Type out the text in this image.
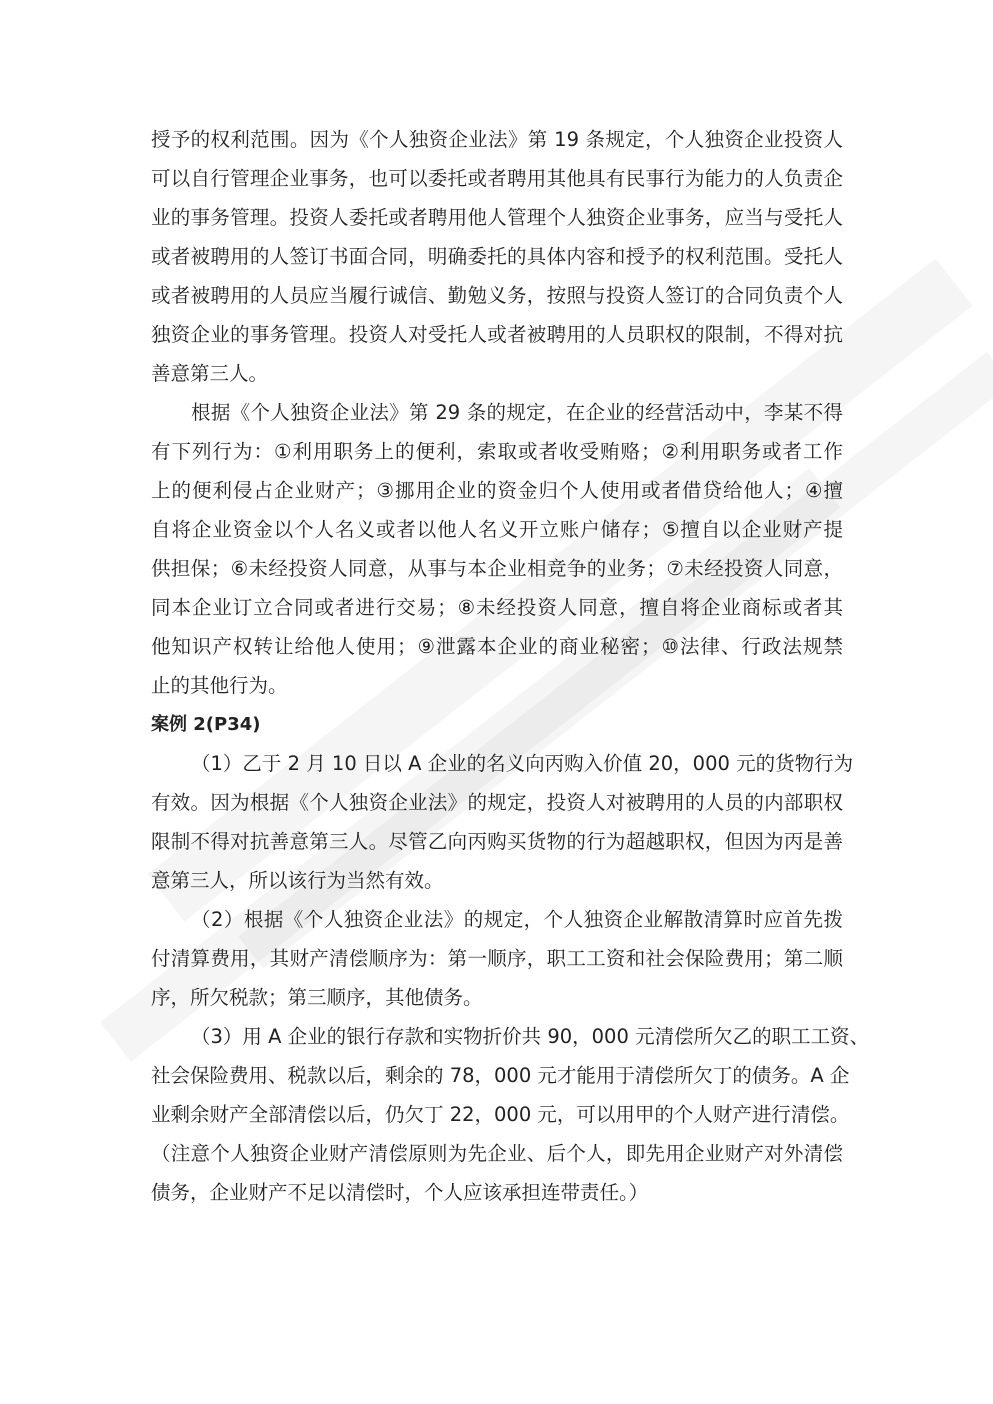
授予的权利范围。因为《个人独资企业法》第 19 条规定，个人独资企业投资人
可以自行管理企业事务，也可以委托或者聘用其他具有民事行为能力的人负责企
业的事务管理。投资人委托或者聘用他人管理个人独资企业事务，应当与受托人
或者被聘用的人签订书面合同，明确委托的具体内容和授予的权利范围。受托人
或者被聘用的人员应当履行诚信、勤勉义务，按照与投资人签订的合同负责个人
独资企业的事务管理。投资人对受托人或者被聘用的人员职权的限制，不得对抗
善意第三人。
根据《个人独资企业法》第 29 条的规定，在企业的经营活动中，李某不得
有下列行为：①利用职务上的便利，索取或者收受贿赂；②利用职务或者工作
上的便利侵占企业财产；③挪用企业的资金归个人使用或者借贷给他人；④擅
自将企业资金以个人名义或者以他人名义开立账户储存；⑤擅自以企业财产提
供担保；⑥未经投资人同意，从事与本企业相竞争的业务；⑦未经投资人同意，
同本企业订立合同或者进行交易；⑧未经投资人同意，擅自将企业商标或者其
他知识产权转让给他人使用；⑨泄露本企业的商业秘密；⑩法律、行政法规禁
止的其他行为。
案例 2(P34)
（1）乙于 2 月 10 日以 A 企业的名义向丙购入价值 20，000 元的货物行为
有效。因为根据《个人独资企业法》的规定，投资人对被聘用的人员的内部职权
限制不得对抗善意第三人。尽管乙向丙购买货物的行为超越职权，但因为丙是善
意第三人，所以该行为当然有效。
（2）根据《个人独资企业法》的规定，个人独资企业解散清算时应首先拨
付清算费用，其财产清偿顺序为：第一顺序，职工工资和社会保险费用；第二顺
序，所欠税款；第三顺序，其他债务。
（3）用 A 企业的银行存款和实物折价共 90，000 元清偿所欠乙的职工工资、
社会保险费用、税款以后，剩余的 78，000 元才能用于清偿所欠丁的债务。A 企
业剩余财产全部清偿以后，仍欠丁 22，000 元，可以用甲的个人财产进行清偿。
（注意个人独资企业财产清偿原则为先企业、后个人，即先用企业财产对外清偿
债务，企业财产不足以清偿时，个人应该承担连带责任。）
